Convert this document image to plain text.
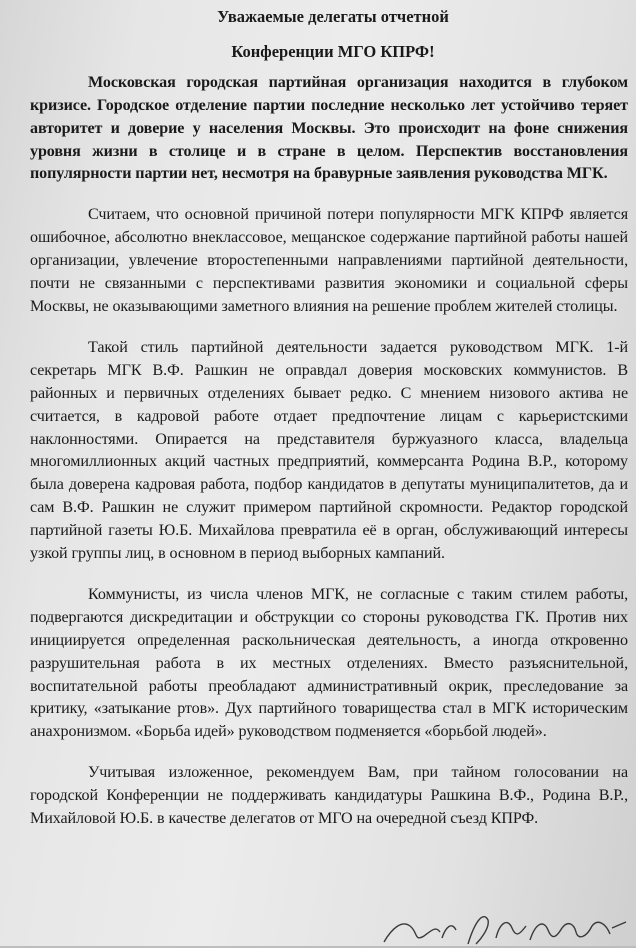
Уважаемые делегаты отчетной

Конференции МГО КПРФ!

Московская городская партийная организация находится в глубоком кризисе. Городское отделение партии последние несколько лет устойчиво теряет авторитет и доверие у населения Москвы. Это происходит на фоне снижения уровня жизни в столице и в стране в целом. Перспектив восстановления популярности партии нет, несмотря на бравурные заявления руководства МГК.

Считаем, что основной причиной потери популярности МГК КПРФ является ошибочное, абсолютно внеклассовое, мещанское содержание партийной работы нашей организации, увлечение второстепенными направлениями партийной деятельности, почти не связанными с перспективами развития экономики и социальной сферы Москвы, не оказывающими заметного влияния на решение проблем жителей столицы.

Такой стиль партийной деятельности задается руководством МГК. 1-й секретарь МГК В.Ф. Рашкин не оправдал доверия московских коммунистов. В районных и первичных отделениях бывает редко. С мнением низового актива не считается, в кадровой работе отдает предпочтение лицам с карьеристскими наклонностями. Опирается на представителя буржуазного класса, владельца многомиллионных акций частных предприятий, коммерсанта Родина В.Р., которому была доверена кадровая работа, подбор кандидатов в депутаты муниципалитетов, да и сам В.Ф. Рашкин не служит примером партийной скромности. Редактор городской партийной газеты Ю.Б. Михайлова превратила её в орган, обслуживающий интересы узкой группы лиц, в основном в период выборных кампаний.

Коммунисты, из числа членов МГК, не согласные с таким стилем работы, подвергаются дискредитации и обструкции со стороны руководства ГК. Против них инициируется определенная раскольническая деятельность, а иногда откровенно разрушительная работа в их местных отделениях. Вместо разъяснительной, воспитательной работы преобладают административный окрик, преследование за критику, «затыкание ртов». Дух партийного товарищества стал в МГК историческим анахронизмом. «Борьба идей» руководством подменяется «борьбой людей».

Учитывая изложенное, рекомендуем Вам, при тайном голосовании на городской Конференции не поддерживать кандидатуры Рашкина В.Ф., Родина В.Р., Михайловой Ю.Б. в качестве делегатов от МГО на очередной съезд КПРФ.
